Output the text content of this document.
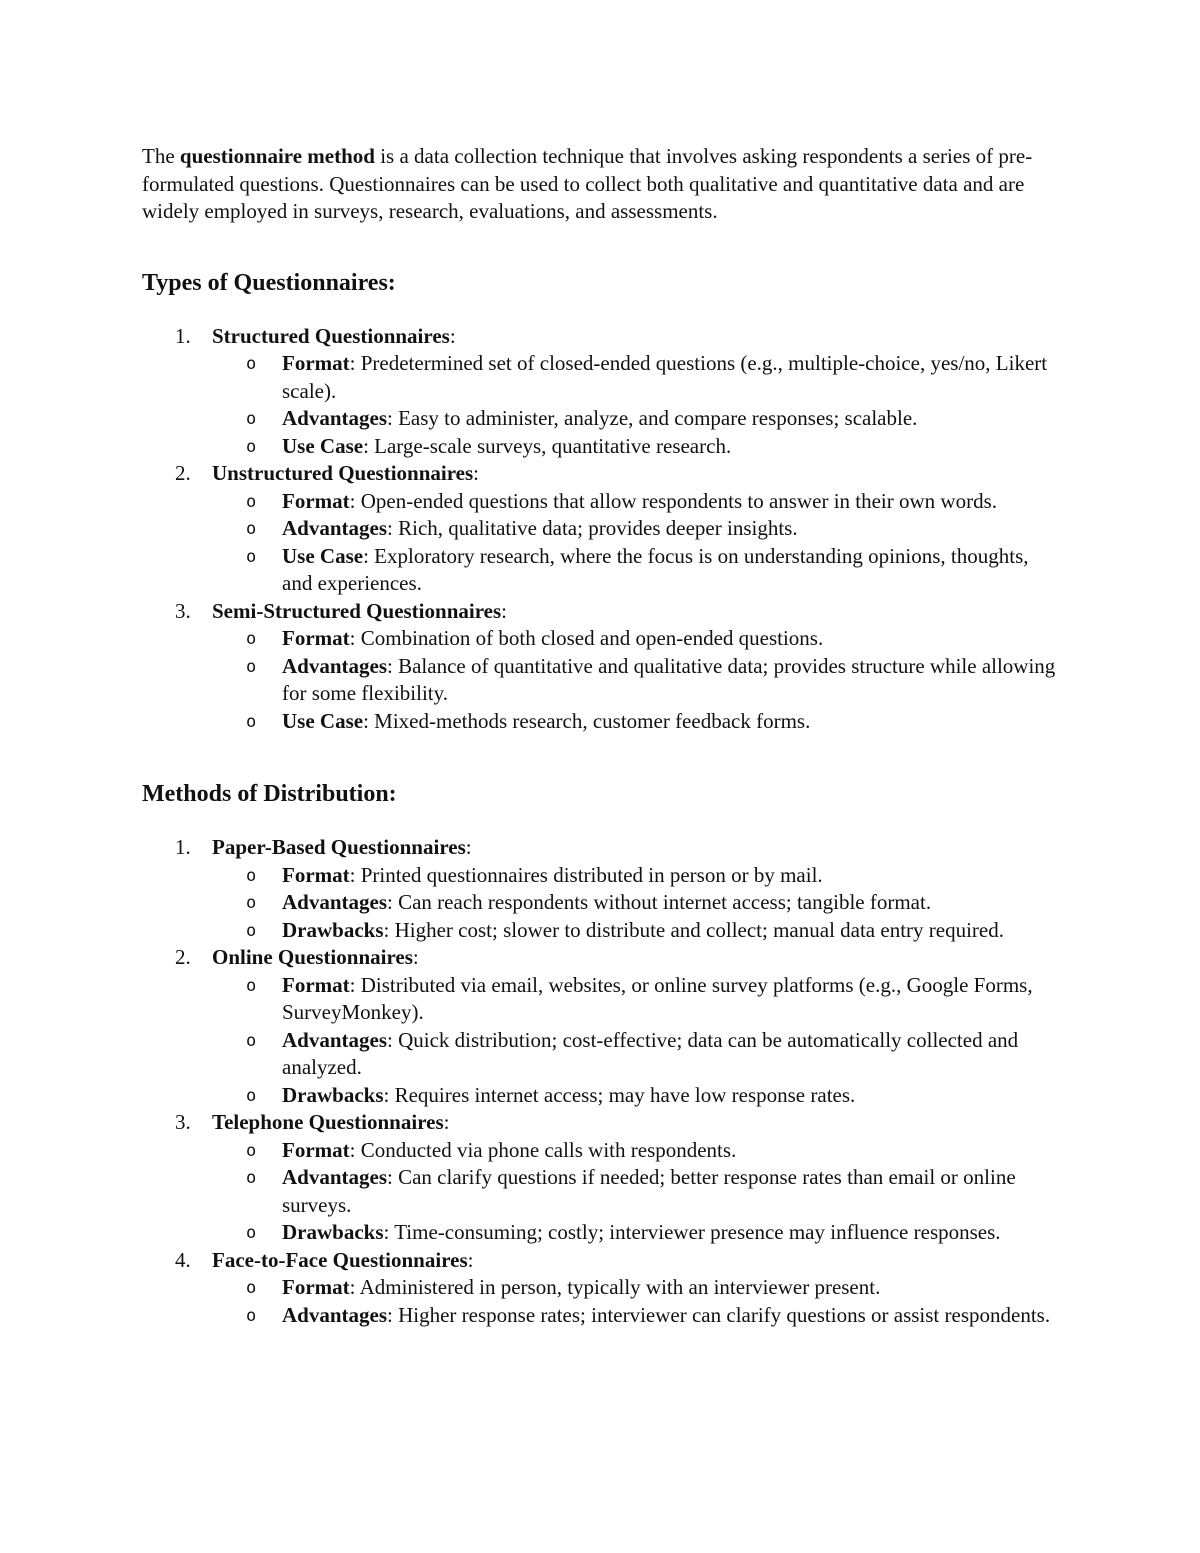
The questionnaire method is a data collection technique that involves asking respondents a series of pre-formulated questions. Questionnaires can be used to collect both qualitative and quantitative data and are widely employed in surveys, research, evaluations, and assessments.

Types of Questionnaires:
1. Structured Questionnaires:
o Format: Predetermined set of closed-ended questions (e.g., multiple-choice, yes/no, Likert scale).
o Advantages: Easy to administer, analyze, and compare responses; scalable.
o Use Case: Large-scale surveys, quantitative research.
2. Unstructured Questionnaires:
o Format: Open-ended questions that allow respondents to answer in their own words.
o Advantages: Rich, qualitative data; provides deeper insights.
o Use Case: Exploratory research, where the focus is on understanding opinions, thoughts, and experiences.
3. Semi-Structured Questionnaires:
o Format: Combination of both closed and open-ended questions.
o Advantages: Balance of quantitative and qualitative data; provides structure while allowing for some flexibility.
o Use Case: Mixed-methods research, customer feedback forms.
Methods of Distribution:
1. Paper-Based Questionnaires:
o Format: Printed questionnaires distributed in person or by mail.
o Advantages: Can reach respondents without internet access; tangible format.
o Drawbacks: Higher cost; slower to distribute and collect; manual data entry required.
2. Online Questionnaires:
o Format: Distributed via email, websites, or online survey platforms (e.g., Google Forms, SurveyMonkey).
o Advantages: Quick distribution; cost-effective; data can be automatically collected and analyzed.
o Drawbacks: Requires internet access; may have low response rates.
3. Telephone Questionnaires:
o Format: Conducted via phone calls with respondents.
o Advantages: Can clarify questions if needed; better response rates than email or online surveys.
o Drawbacks: Time-consuming; costly; interviewer presence may influence responses.
4. Face-to-Face Questionnaires:
o Format: Administered in person, typically with an interviewer present.
o Advantages: Higher response rates; interviewer can clarify questions or assist respondents.
